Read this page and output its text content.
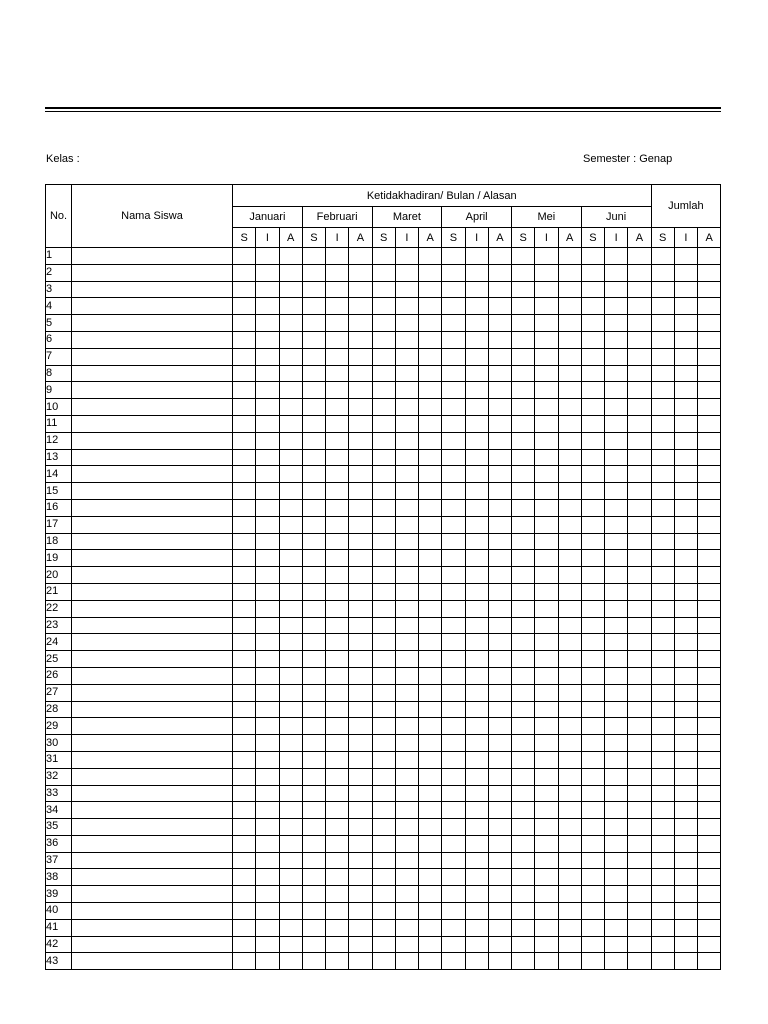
Kelas :	Semester : Genap
No.	Nama Siswa	Ketidakhadiran/ Bulan / Alasan																		Jumlah		
		Januari			Februari			Maret			April			Mei			Juni					
		S	I	A	S	I	A	S	I	A	S	I	A	S	I	A	S	I	A	S	I	A
1																						
2																						
3																						
4																						
5																						
6																						
7																						
8																						
9																						
10																						
11																						
12																						
13																						
14																						
15																						
16																						
17																						
18																						
19																						
20																						
21																						
22																						
23																						
24																						
25																						
26																						
27																						
28																						
29																						
30																						
31																						
32																						
33																						
34																						
35																						
36																						
37																						
38																						
39																						
40																						
41																						
42																						
43																						
